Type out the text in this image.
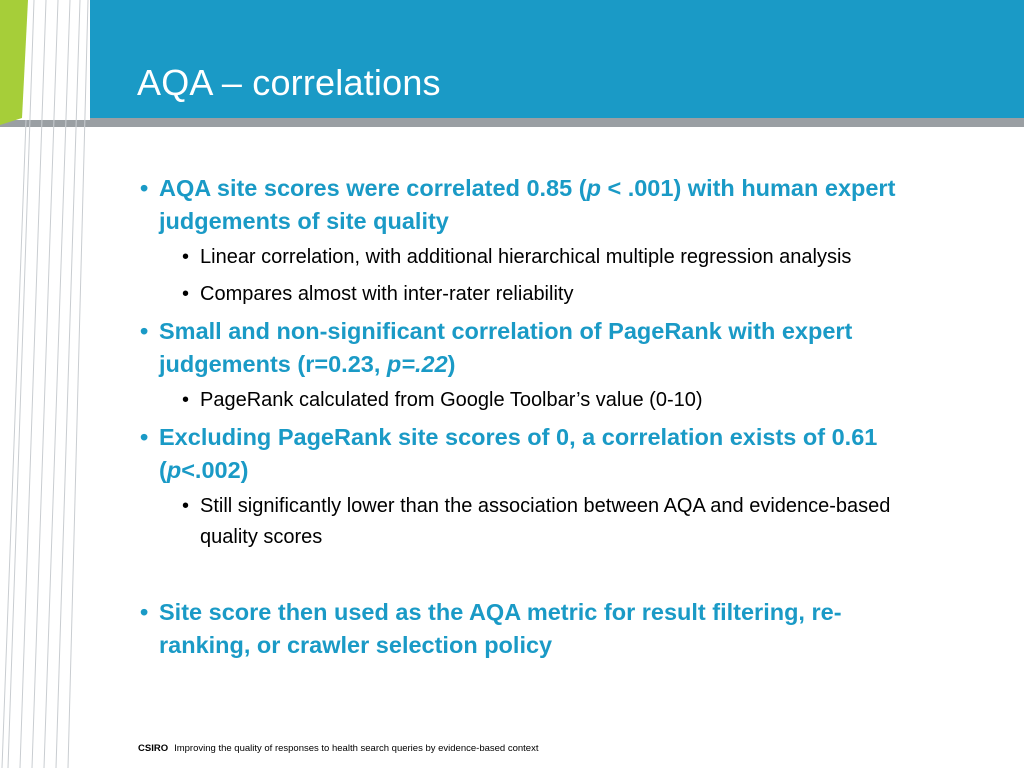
AQA – correlations
• AQA site scores were correlated 0.85 (p < .001) with human expert judgements of site quality
• Linear correlation, with additional hierarchical multiple regression analysis
• Compares almost with inter-rater reliability
• Small and non-significant correlation of PageRank with expert judgements (r=0.23, p=.22)
• PageRank calculated from Google Toolbar’s value (0-10)
• Excluding PageRank site scores of 0, a correlation exists of 0.61 (p<.002)
• Still significantly lower than the association between AQA and evidence-based quality scores
• Site score then used as the AQA metric for result filtering, re-ranking, or crawler selection policy
CSIRO Improving the quality of responses to health search queries by evidence-based context
